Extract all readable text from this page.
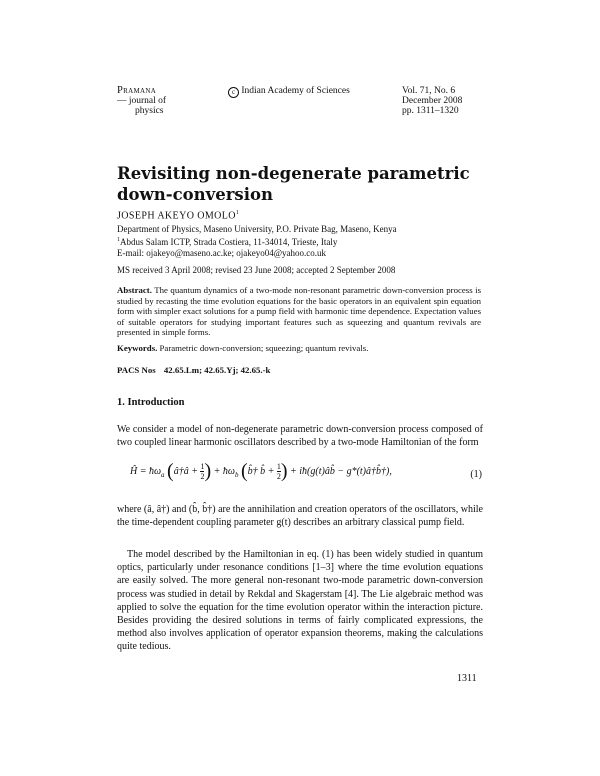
Pramana
— journal of
physics
c Indian Academy of Sciences	Vol. 71, No. 6
December 2008
pp. 1311–1320
Revisiting non-degenerate parametric
down-conversion
JOSEPH AKEYO OMOLO$^1$
Department of Physics, Maseno University, P.O. Private Bag, Maseno, Kenya
$^1$Abdus Salam ICTP, Strada Costiera, 11-34014, Trieste, Italy
E-mail: ojakeyo@maseno.ac.ke; ojakeyo04@yahoo.co.uk
MS received 3 April 2008; revised 23 June 2008; accepted 2 September 2008
Abstract. The quantum dynamics of a two-mode non-resonant parametric down-conversion process is studied by recasting the time evolution equations for the basic operators in an equivalent spin equation form with simpler exact solutions for a pump field with harmonic time dependence. Expectation values of suitable operators for studying important features such as squeezing and quantum revivals are presented in simple forms.
Keywords. Parametric down-conversion; squeezing; quantum revivals.
PACS Nos 42.65.Lm; 42.65.Yj; 42.65.-k
1. Introduction
We consider a model of non-degenerate parametric down-conversion process composed of two coupled linear harmonic oscillators described by a two-mode Hamiltonian of the form
Ĥ = $ħ\omega_a$ (â†â + $\frac{1}{2}$ ) + $ħ\omega_b$ (b̂† b̂ + $\frac{1}{2}$ ) + iħ(g(t)âb̂ − g*(t)â†b̂†),	(1)
where (â, â†) and (b̂, b̂†) are the annihilation and creation operators of the oscillators, while the time-dependent coupling parameter g(t) describes an arbitrary classical pump field.
The model described by the Hamiltonian in eq. (1) has been widely studied in quantum optics, particularly under resonance conditions [1–3] where the time evolution equations are easily solved. The more general non-resonant two-mode parametric down-conversion process was studied in detail by Rekdal and Skagerstam [4]. The Lie algebraic method was applied to solve the equation for the time evolution operator within the interaction picture. Besides providing the desired solutions in terms of fairly complicated expressions, the method also involves application of operator expansion theorems, making the calculations quite tedious.
1311
